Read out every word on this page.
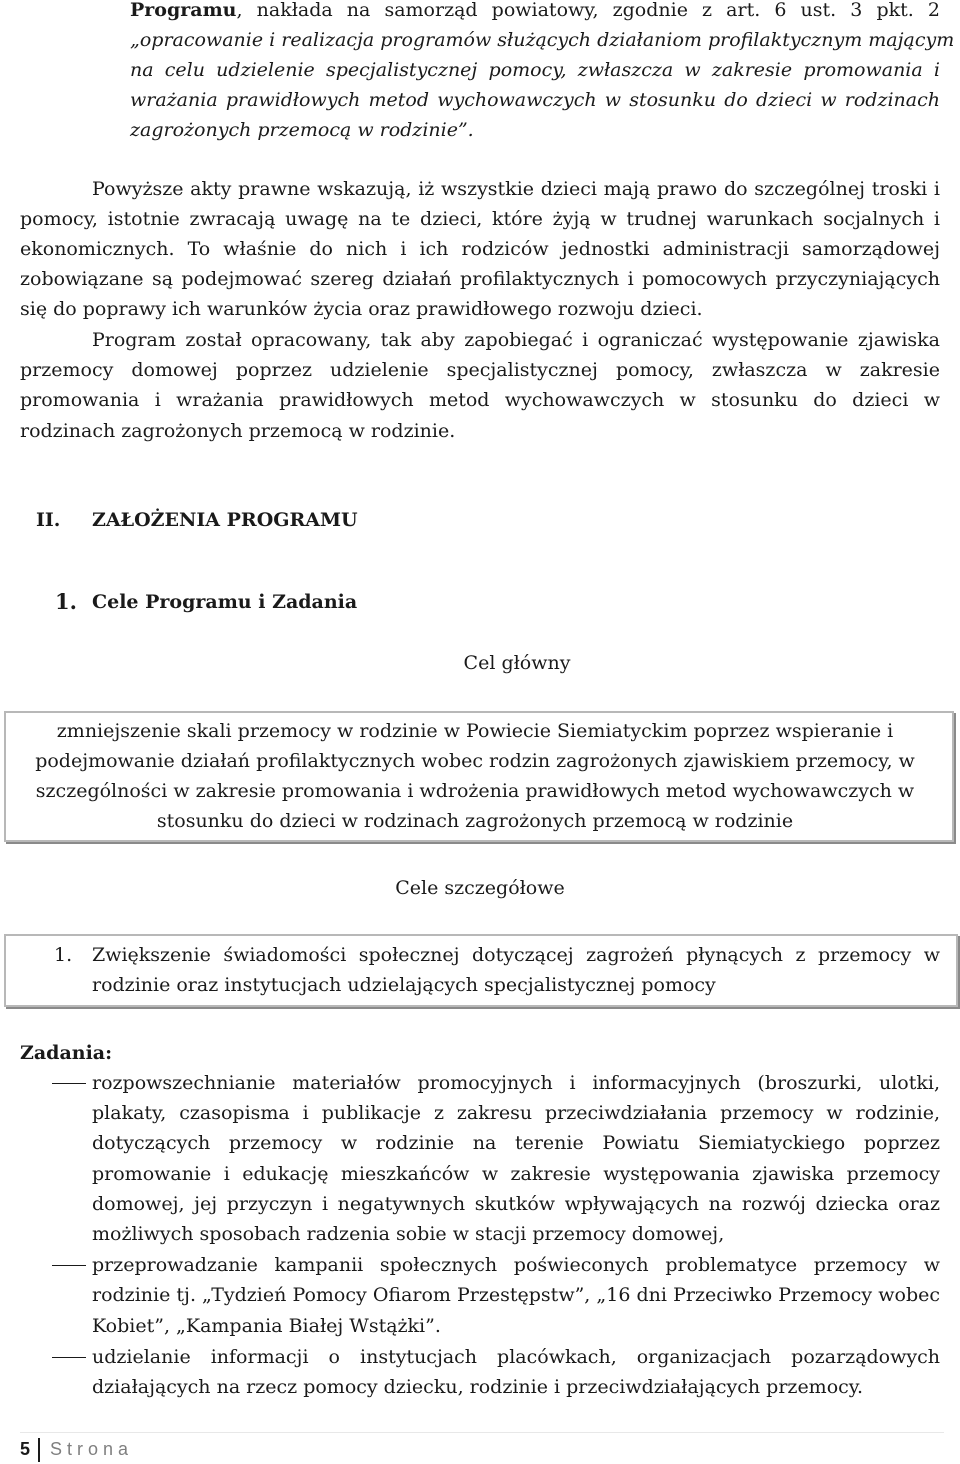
Programu, nakłada na samorząd powiatowy, zgodnie z art. 6 ust. 3 pkt. 2
„opracowanie i realizacja programów służących działaniom profilaktycznym mającym
na celu udzielenie specjalistycznej pomocy, zwłaszcza w zakresie promowania i
wrażania prawidłowych metod wychowawczych w stosunku do dzieci w rodzinach
zagrożonych przemocą w rodzinie”.
Powyższe akty prawne wskazują, iż wszystkie dzieci mają prawo do szczególnej troski i
pomocy, istotnie zwracają uwagę na te dzieci, które żyją w trudnej warunkach socjalnych i
ekonomicznych. To właśnie do nich i ich rodziców jednostki administracji samorządowej
zobowiązane są podejmować szereg działań profilaktycznych i pomocowych przyczyniających
się do poprawy ich warunków życia oraz prawidłowego rozwoju dzieci.
Program został opracowany, tak aby zapobiegać i ograniczać występowanie zjawiska
przemocy domowej poprzez udzielenie specjalistycznej pomocy, zwłaszcza w zakresie
promowania i wrażania prawidłowych metod wychowawczych w stosunku do dzieci w
rodzinach zagrożonych przemocą w rodzinie.
II. ZAŁOŻENIA PROGRAMU
1. Cele Programu i Zadania
Cel główny
zmniejszenie skali przemocy w rodzinie w Powiecie Siemiatyckim poprzez wspieranie i
podejmowanie działań profilaktycznych wobec rodzin zagrożonych zjawiskiem przemocy, w
szczególności w zakresie promowania i wdrożenia prawidłowych metod wychowawczych w
stosunku do dzieci w rodzinach zagrożonych przemocą w rodzinie
Cele szczegółowe
1. Zwiększenie świadomości społecznej dotyczącej zagrożeń płynących z przemocy w
rodzinie oraz instytucjach udzielających specjalistycznej pomocy
Zadania:
rozpowszechnianie materiałów promocyjnych i informacyjnych (broszurki, ulotki,
plakaty, czasopisma i publikacje z zakresu przeciwdziałania przemocy w rodzinie,
dotyczących przemocy w rodzinie na terenie Powiatu Siemiatyckiego poprzez
promowanie i edukację mieszkańców w zakresie występowania zjawiska przemocy
domowej, jej przyczyn i negatywnych skutków wpływających na rozwój dziecka oraz
możliwych sposobach radzenia sobie w stacji przemocy domowej,
przeprowadzanie kampanii społecznych poświeconych problematyce przemocy w
rodzinie tj. „Tydzień Pomocy Ofiarom Przestępstw”, „16 dni Przeciwko Przemocy wobec
Kobiet”, „Kampania Białej Wstążki”.
udzielanie informacji o instytucjach placówkach, organizacjach pozarządowych
działających na rzecz pomocy dziecku, rodzinie i przeciwdziałających przemocy.
5 S t r o n a
